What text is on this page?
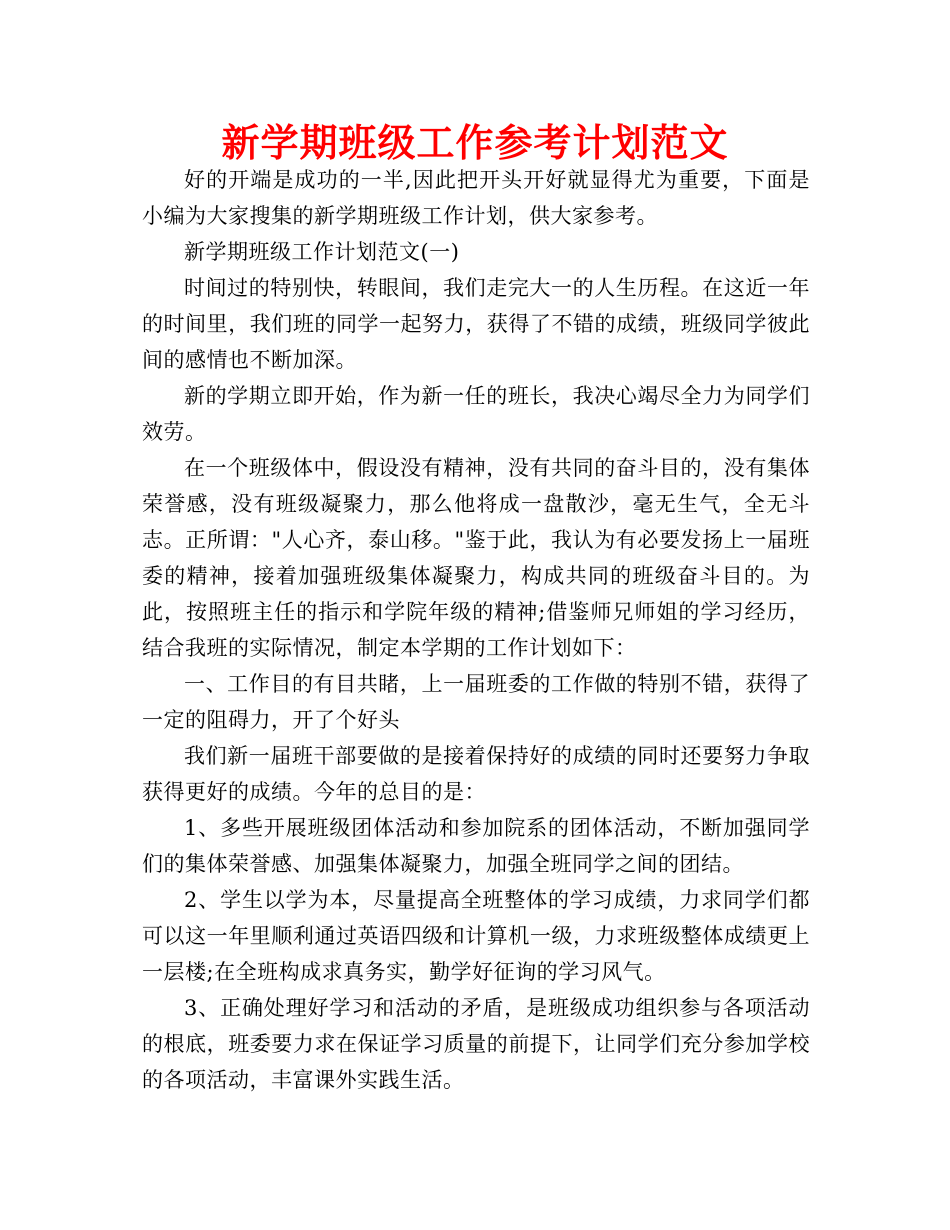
新学期班级工作参考计划范文

好的开端是成功的一半,因此把开头开好就显得尤为重要，下面是小编为大家搜集的新学期班级工作计划，供大家参考。

新学期班级工作计划范文(一)

时间过的特别快，转眼间，我们走完大一的人生历程。在这近一年的时间里，我们班的同学一起努力，获得了不错的成绩，班级同学彼此间的感情也不断加深。

新的学期立即开始，作为新一任的班长，我决心竭尽全力为同学们效劳。

在一个班级体中，假设没有精神，没有共同的奋斗目的，没有集体荣誉感，没有班级凝聚力，那么他将成一盘散沙，毫无生气，全无斗志。正所谓："人心齐，泰山移。"鉴于此，我认为有必要发扬上一届班委的精神，接着加强班级集体凝聚力，构成共同的班级奋斗目的。为此，按照班主任的指示和学院年级的精神;借鉴师兄师姐的学习经历，结合我班的实际情况，制定本学期的工作计划如下：

一、工作目的有目共睹，上一届班委的工作做的特别不错，获得了一定的阻碍力，开了个好头

我们新一届班干部要做的是接着保持好的成绩的同时还要努力争取获得更好的成绩。今年的总目的是：

1、多些开展班级团体活动和参加院系的团体活动，不断加强同学们的集体荣誉感、加强集体凝聚力，加强全班同学之间的团结。

2、学生以学为本，尽量提高全班整体的学习成绩，力求同学们都可以这一年里顺利通过英语四级和计算机一级，力求班级整体成绩更上一层楼;在全班构成求真务实，勤学好征询的学习风气。

3、正确处理好学习和活动的矛盾，是班级成功组织参与各项活动的根底，班委要力求在保证学习质量的前提下，让同学们充分参加学校的各项活动，丰富课外实践生活。
